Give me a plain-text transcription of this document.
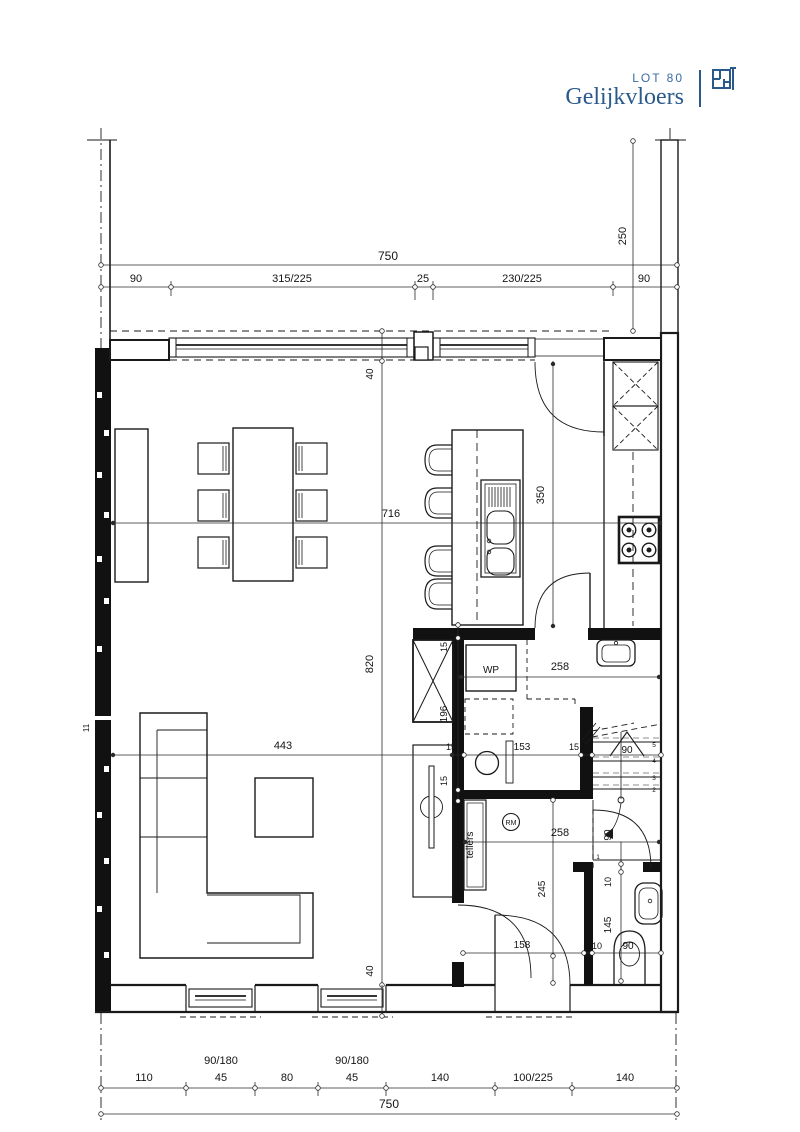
LOT 80
Gelijkvloers
750
90	315/225	25	230/225	90
250
40
716
820
350
443
15
258
196
15	153	15	90
15
258	90
245	10
145
158	10 90
40
11
110	45	80	45	140	100/225	140
90/180	90/180
750
WP
tellers
RM
5
4
3
2
1
